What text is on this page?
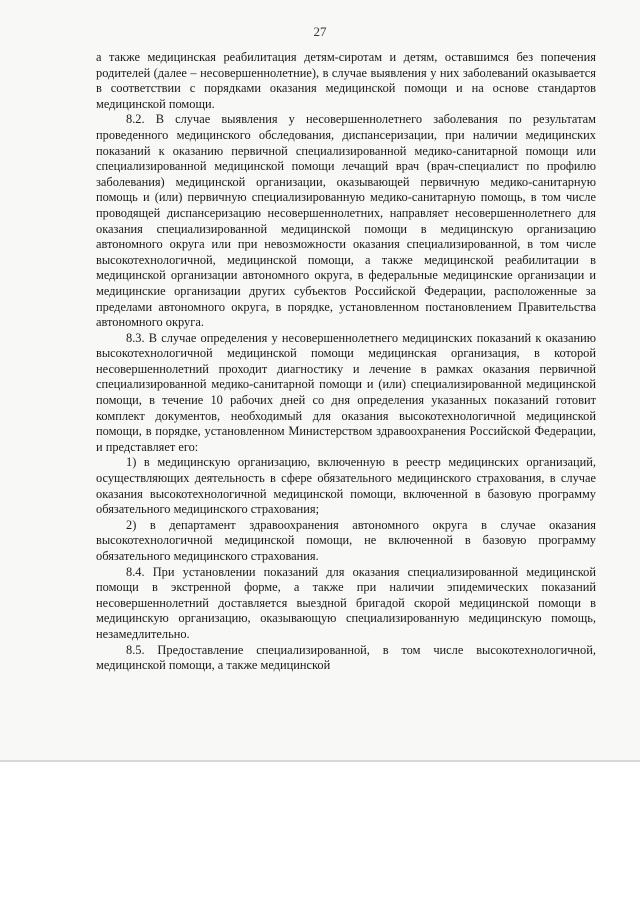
27

а также медицинская реабилитация детям-сиротам и детям, оставшимся без попечения родителей (далее – несовершеннолетние), в случае выявления у них заболеваний оказывается в соответствии с порядками оказания медицинской помощи и на основе стандартов медицинской помощи.

8.2. В случае выявления у несовершеннолетнего заболевания по результатам проведенного медицинского обследования, диспансеризации, при наличии медицинских показаний к оказанию первичной специализированной медико-санитарной помощи или специализированной медицинской помощи лечащий врач (врач-специалист по профилю заболевания) медицинской организации, оказывающей первичную медико-санитарную помощь и (или) первичную специализированную медико-санитарную помощь, в том числе проводящей диспансеризацию несовершеннолетних, направляет несовершеннолетнего для оказания специализированной медицинской помощи в медицинскую организацию автономного округа или при невозможности оказания специализированной, в том числе высокотехнологичной, медицинской помощи, а также медицинской реабилитации в медицинской организации автономного округа, в федеральные медицинские организации и медицинские организации других субъектов Российской Федерации, расположенные за пределами автономного округа, в порядке, установленном постановлением Правительства автономного округа.

8.3. В случае определения у несовершеннолетнего медицинских показаний к оказанию высокотехнологичной медицинской помощи медицинская организация, в которой несовершеннолетний проходит диагностику и лечение в рамках оказания первичной специализированной медико-санитарной помощи и (или) специализированной медицинской помощи, в течение 10 рабочих дней со дня определения указанных показаний готовит комплект документов, необходимый для оказания высокотехнологичной медицинской помощи, в порядке, установленном Министерством здравоохранения Российской Федерации, и представляет его:

1) в медицинскую организацию, включенную в реестр медицинских организаций, осуществляющих деятельность в сфере обязательного медицинского страхования, в случае оказания высокотехнологичной медицинской помощи, включенной в базовую программу обязательного медицинского страхования;

2) в департамент здравоохранения автономного округа в случае оказания высокотехнологичной медицинской помощи, не включенной в базовую программу обязательного медицинского страхования.

8.4. При установлении показаний для оказания специализированной медицинской помощи в экстренной форме, а также при наличии эпидемических показаний несовершеннолетний доставляется выездной бригадой скорой медицинской помощи в медицинскую организацию, оказывающую специализированную медицинскую помощь, незамедлительно.

8.5. Предоставление специализированной, в том числе высокотехнологичной, медицинской помощи, а также медицинской
